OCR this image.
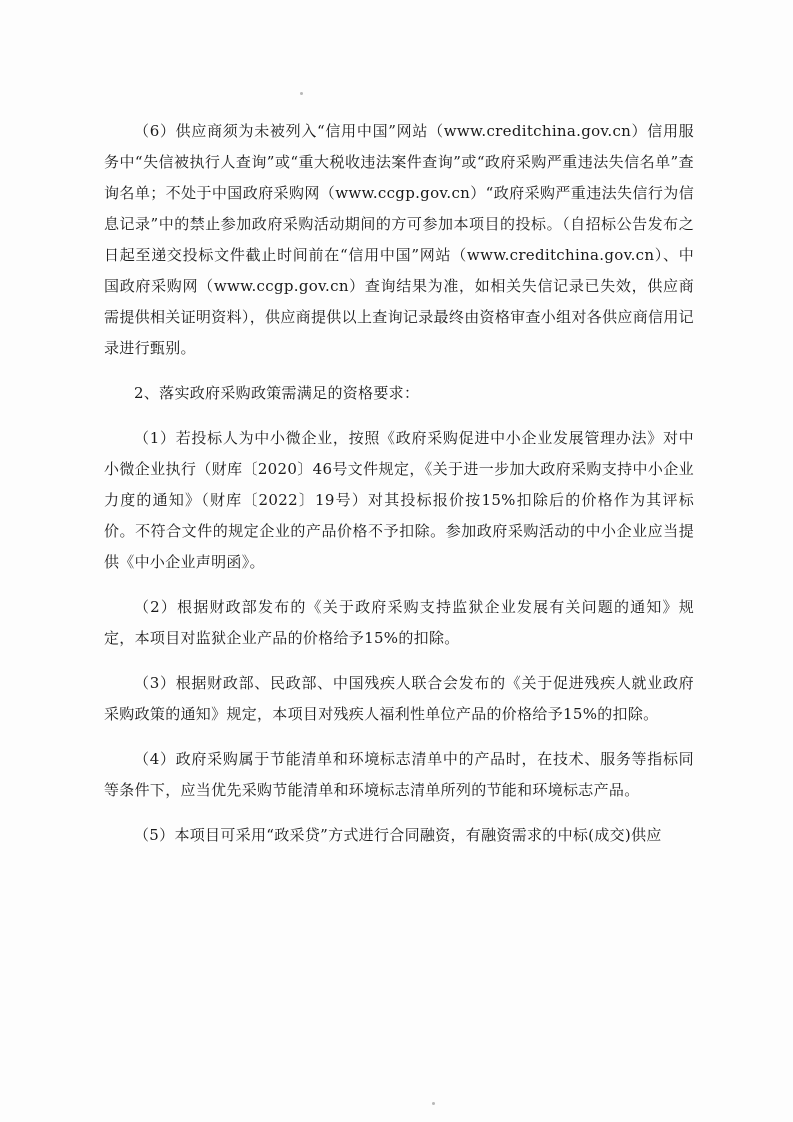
（6）供应商须为未被列入“信用中国”网站（www.creditchina.gov.cn）信用服务中“失信被执行人查询”或“重大税收违法案件查询”或“政府采购严重违法失信名单”查询名单；不处于中国政府采购网（www.ccgp.gov.cn）“政府采购严重违法失信行为信息记录”中的禁止参加政府采购活动期间的方可参加本项目的投标。（自招标公告发布之日起至递交投标文件截止时间前在“信用中国”网站（www.creditchina.gov.cn）、中国政府采购网（www.ccgp.gov.cn）查询结果为准，如相关失信记录已失效，供应商需提供相关证明资料），供应商提供以上查询记录最终由资格审查小组对各供应商信用记录进行甄别。

2、落实政府采购政策需满足的资格要求：

（1）若投标人为中小微企业，按照《政府采购促进中小企业发展管理办法》对中小微企业执行（财库〔2020〕46号文件规定，《关于进一步加大政府采购支持中小企业力度的通知》（财库〔2022〕19号）对其投标报价按15%扣除后的价格作为其评标价。不符合文件的规定企业的产品价格不予扣除。参加政府采购活动的中小企业应当提供《中小企业声明函》。

（2）根据财政部发布的《关于政府采购支持监狱企业发展有关问题的通知》规定，本项目对监狱企业产品的价格给予15%的扣除。

（3）根据财政部、民政部、中国残疾人联合会发布的《关于促进残疾人就业政府采购政策的通知》规定，本项目对残疾人福利性单位产品的价格给予15%的扣除。

（4）政府采购属于节能清单和环境标志清单中的产品时，在技术、服务等指标同等条件下，应当优先采购节能清单和环境标志清单所列的节能和环境标志产品。

（5）本项目可采用“政采贷”方式进行合同融资，有融资需求的中标(成交)供应
